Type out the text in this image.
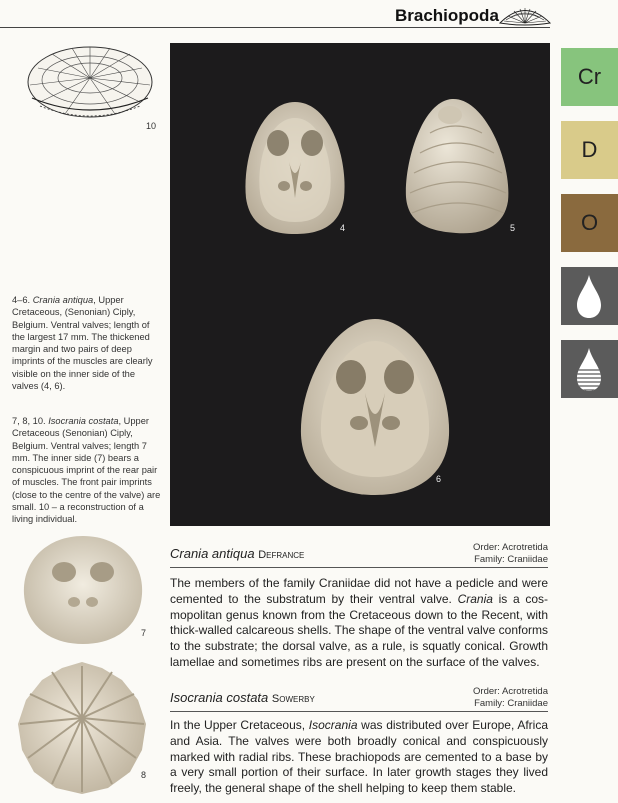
Brachiopoda
10
4	5
6
Cr
D
O
4–6. Crania antiqua, Upper Cretaceous, (Senonian) Ciply, Belgium. Ventral valves; length of the largest 17 mm. The thickened margin and two pairs of deep imprints of the muscles are clearly visible on the inner side of the valves (4, 6).
7, 8, 10. Isocrania costata, Upper Cretaceous (Senonian) Ciply, Belgium. Ventral valves; length 7 mm. The inner side (7) bears a conspicuous imprint of the rear pair of muscles. The front pair imprints (close to the centre of the valve) are small. 10 – a reconstruction of a living individual.
7
8
Crania antiqua Defrance
Order: Acrotretida
Family: Craniidae
The members of the family Craniidae did not have a pedicle and were cemented to the substratum by their ventral valve. Crania is a cosmopolitan genus known from the Cretaceous down to the Recent, with thick-walled calcareous shells. The shape of the ventral valve conforms to the substrate; the dorsal valve, as a rule, is squatly conical. Growth lamellae and sometimes ribs are present on the surface of the valves.
Isocrania costata Sowerby
Order: Acrotretida
Family: Craniidae
In the Upper Cretaceous, Isocrania was distributed over Europe, Africa and Asia. The valves were both broadly conical and conspicuously marked with radial ribs. These brachiopods are cemented to a base by a very small portion of their surface. In later growth stages they lived freely, the general shape of the shell helping to keep them stable.
